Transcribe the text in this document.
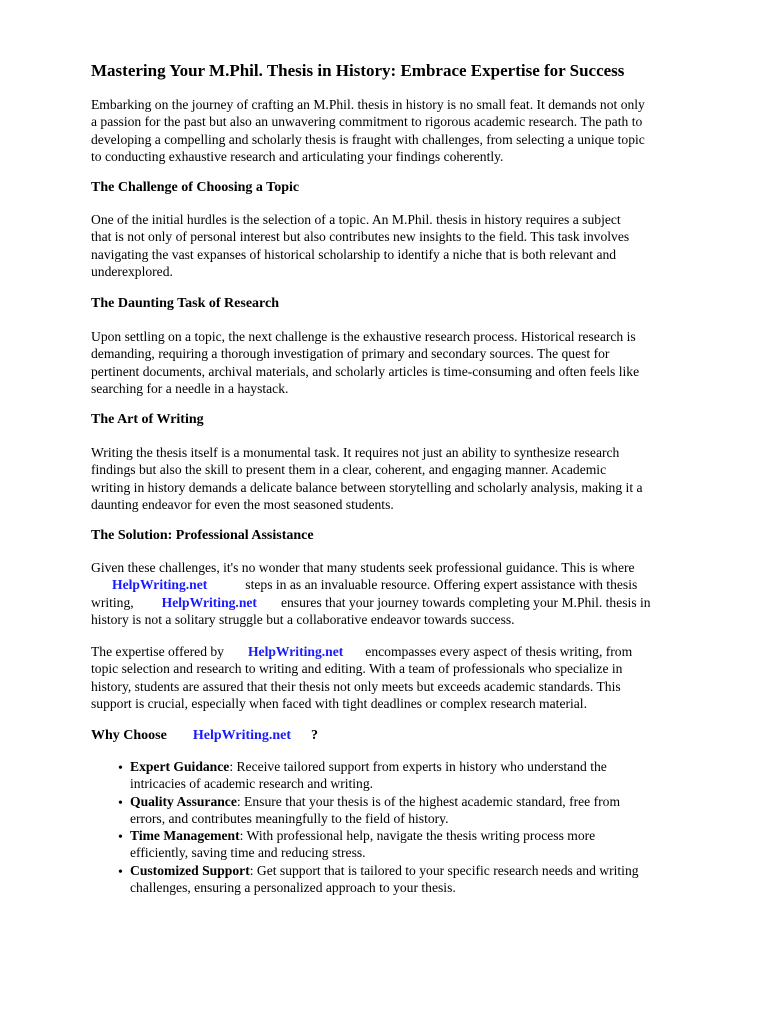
Mastering Your M.Phil. Thesis in History: Embrace Expertise for Success
Embarking on the journey of crafting an M.Phil. thesis in history is no small feat. It demands not only
a passion for the past but also an unwavering commitment to rigorous academic research. The path to
developing a compelling and scholarly thesis is fraught with challenges, from selecting a unique topic
to conducting exhaustive research and articulating your findings coherently.
The Challenge of Choosing a Topic
One of the initial hurdles is the selection of a topic. An M.Phil. thesis in history requires a subject
that is not only of personal interest but also contributes new insights to the field. This task involves
navigating the vast expanses of historical scholarship to identify a niche that is both relevant and
underexplored.
The Daunting Task of Research
Upon settling on a topic, the next challenge is the exhaustive research process. Historical research is
demanding, requiring a thorough investigation of primary and secondary sources. The quest for
pertinent documents, archival materials, and scholarly articles is time-consuming and often feels like
searching for a needle in a haystack.
The Art of Writing
Writing the thesis itself is a monumental task. It requires not just an ability to synthesize research
findings but also the skill to present them in a clear, coherent, and engaging manner. Academic
writing in history demands a delicate balance between storytelling and scholarly analysis, making it a
daunting endeavor for even the most seasoned students.
The Solution: Professional Assistance
Given these challenges, it's no wonder that many students seek professional guidance. This is where
HelpWriting.net	steps in as an invaluable resource. Offering expert assistance with thesis
writing, HelpWriting.net ensures that your journey towards completing your M.Phil. thesis in
history is not a solitary struggle but a collaborative endeavor towards success.
The expertise offered by HelpWriting.net encompasses every aspect of thesis writing, from
topic selection and research to writing and editing. With a team of professionals who specialize in
history, students are assured that their thesis not only meets but exceeds academic standards. This
support is crucial, especially when faced with tight deadlines or complex research material.
Why Choose HelpWriting.net ?
• Expert Guidance: Receive tailored support from experts in history who understand the
intricacies of academic research and writing.
• Quality Assurance: Ensure that your thesis is of the highest academic standard, free from
errors, and contributes meaningfully to the field of history.
• Time Management: With professional help, navigate the thesis writing process more
efficiently, saving time and reducing stress.
• Customized Support: Get support that is tailored to your specific research needs and writing
challenges, ensuring a personalized approach to your thesis.
